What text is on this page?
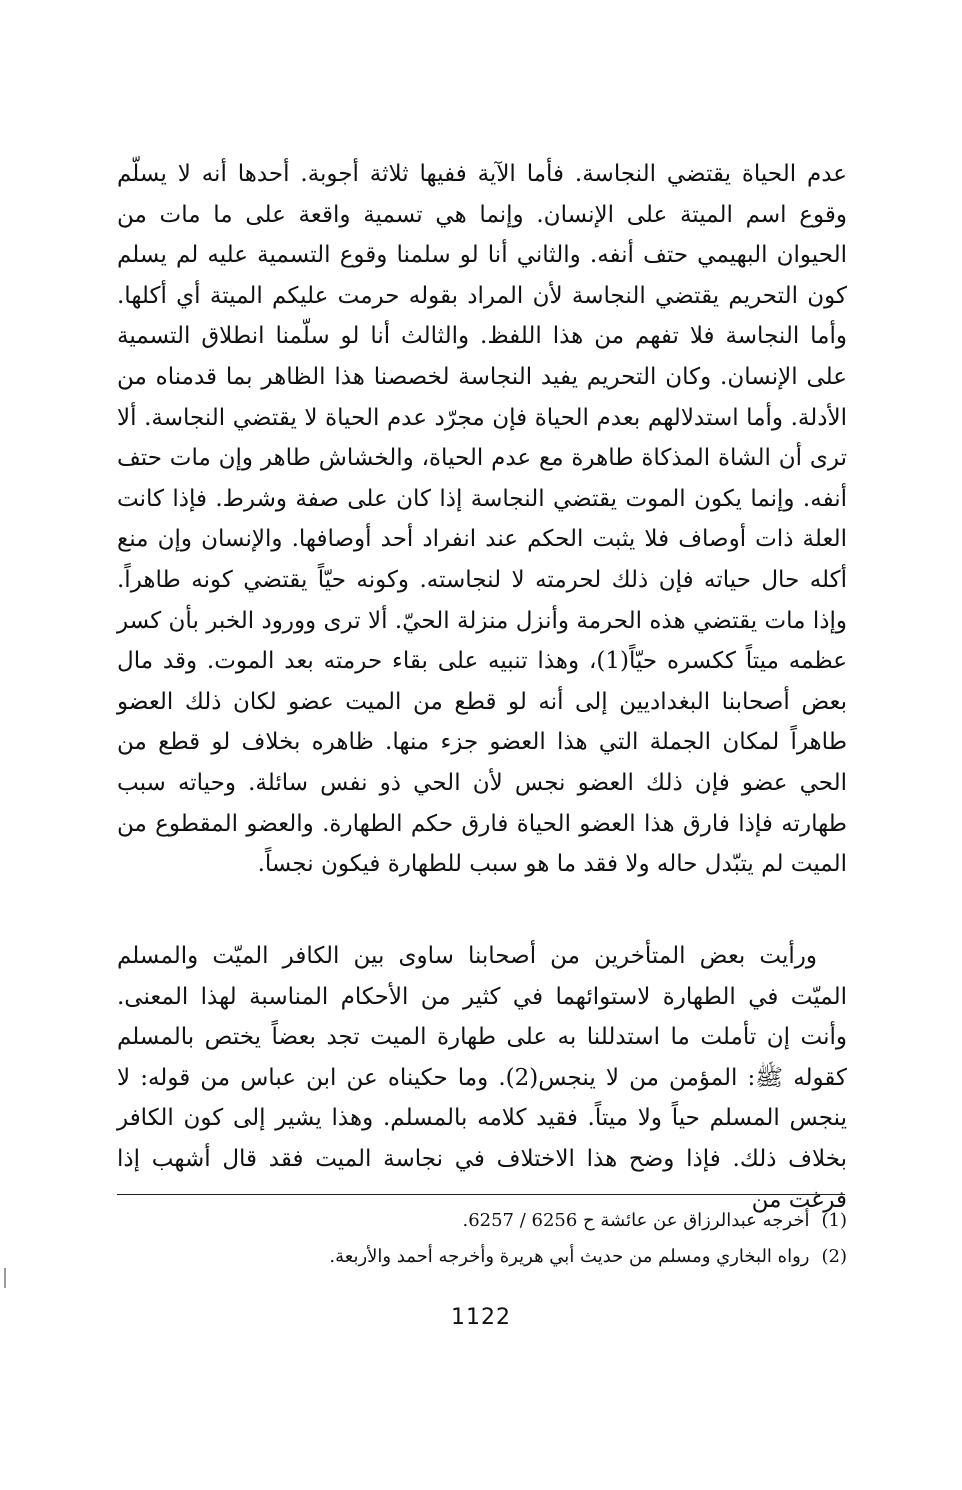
عدم الحياة يقتضي النجاسة. فأما الآية ففيها ثلاثة أجوبة. أحدها أنه لا يسلّم وقوع اسم الميتة على الإنسان. وإنما هي تسمية واقعة على ما مات من الحيوان البهيمي حتف أنفه. والثاني أنا لو سلمنا وقوع التسمية عليه لم يسلم كون التحريم يقتضي النجاسة لأن المراد بقوله حرمت عليكم الميتة أي أكلها. وأما النجاسة فلا تفهم من هذا اللفظ. والثالث أنا لو سلّمنا انطلاق التسمية على الإنسان. وكان التحريم يفيد النجاسة لخصصنا هذا الظاهر بما قدمناه من الأدلة. وأما استدلالهم بعدم الحياة فإن مجرّد عدم الحياة لا يقتضي النجاسة. ألا ترى أن الشاة المذكاة طاهرة مع عدم الحياة، والخشاش طاهر وإن مات حتف أنفه. وإنما يكون الموت يقتضي النجاسة إذا كان على صفة وشرط. فإذا كانت العلة ذات أوصاف فلا يثبت الحكم عند انفراد أحد أوصافها. والإنسان وإن منع أكله حال حياته فإن ذلك لحرمته لا لنجاسته. وكونه حيّاً يقتضي كونه طاهراً. وإذا مات يقتضي هذه الحرمة وأنزل منزلة الحيّ. ألا ترى وورود الخبر بأن كسر عظمه ميتاً ككسره حيّاً(1)، وهذا تنبيه على بقاء حرمته بعد الموت. وقد مال بعض أصحابنا البغداديين إلى أنه لو قطع من الميت عضو لكان ذلك العضو طاهراً لمكان الجملة التي هذا العضو جزء منها. ظاهره بخلاف لو قطع من الحي عضو فإن ذلك العضو نجس لأن الحي ذو نفس سائلة. وحياته سبب طهارته فإذا فارق هذا العضو الحياة فارق حكم الطهارة. والعضو المقطوع من الميت لم يتبّدل حاله ولا فقد ما هو سبب للطهارة فيكون نجساً.

ورأيت بعض المتأخرين من أصحابنا ساوى بين الكافر الميّت والمسلم الميّت في الطهارة لاستوائهما في كثير من الأحكام المناسبة لهذا المعنى. وأنت إن تأملت ما استدللنا به على طهارة الميت تجد بعضاً يختص بالمسلم كقوله ﷺ: المؤمن من لا ينجس(2). وما حكيناه عن ابن عباس من قوله: لا ينجس المسلم حياً ولا ميتاً. فقيد كلامه بالمسلم. وهذا يشير إلى كون الكافر بخلاف ذلك. فإذا وضح هذا الاختلاف في نجاسة الميت فقد قال أشهب إذا فرغت من

(1)أخرجه عبدالرزاق عن عائشة ح 6256 / 6257.
(2)رواه البخاري ومسلم من حديث أبي هريرة وأخرجه أحمد والأربعة.
1122
